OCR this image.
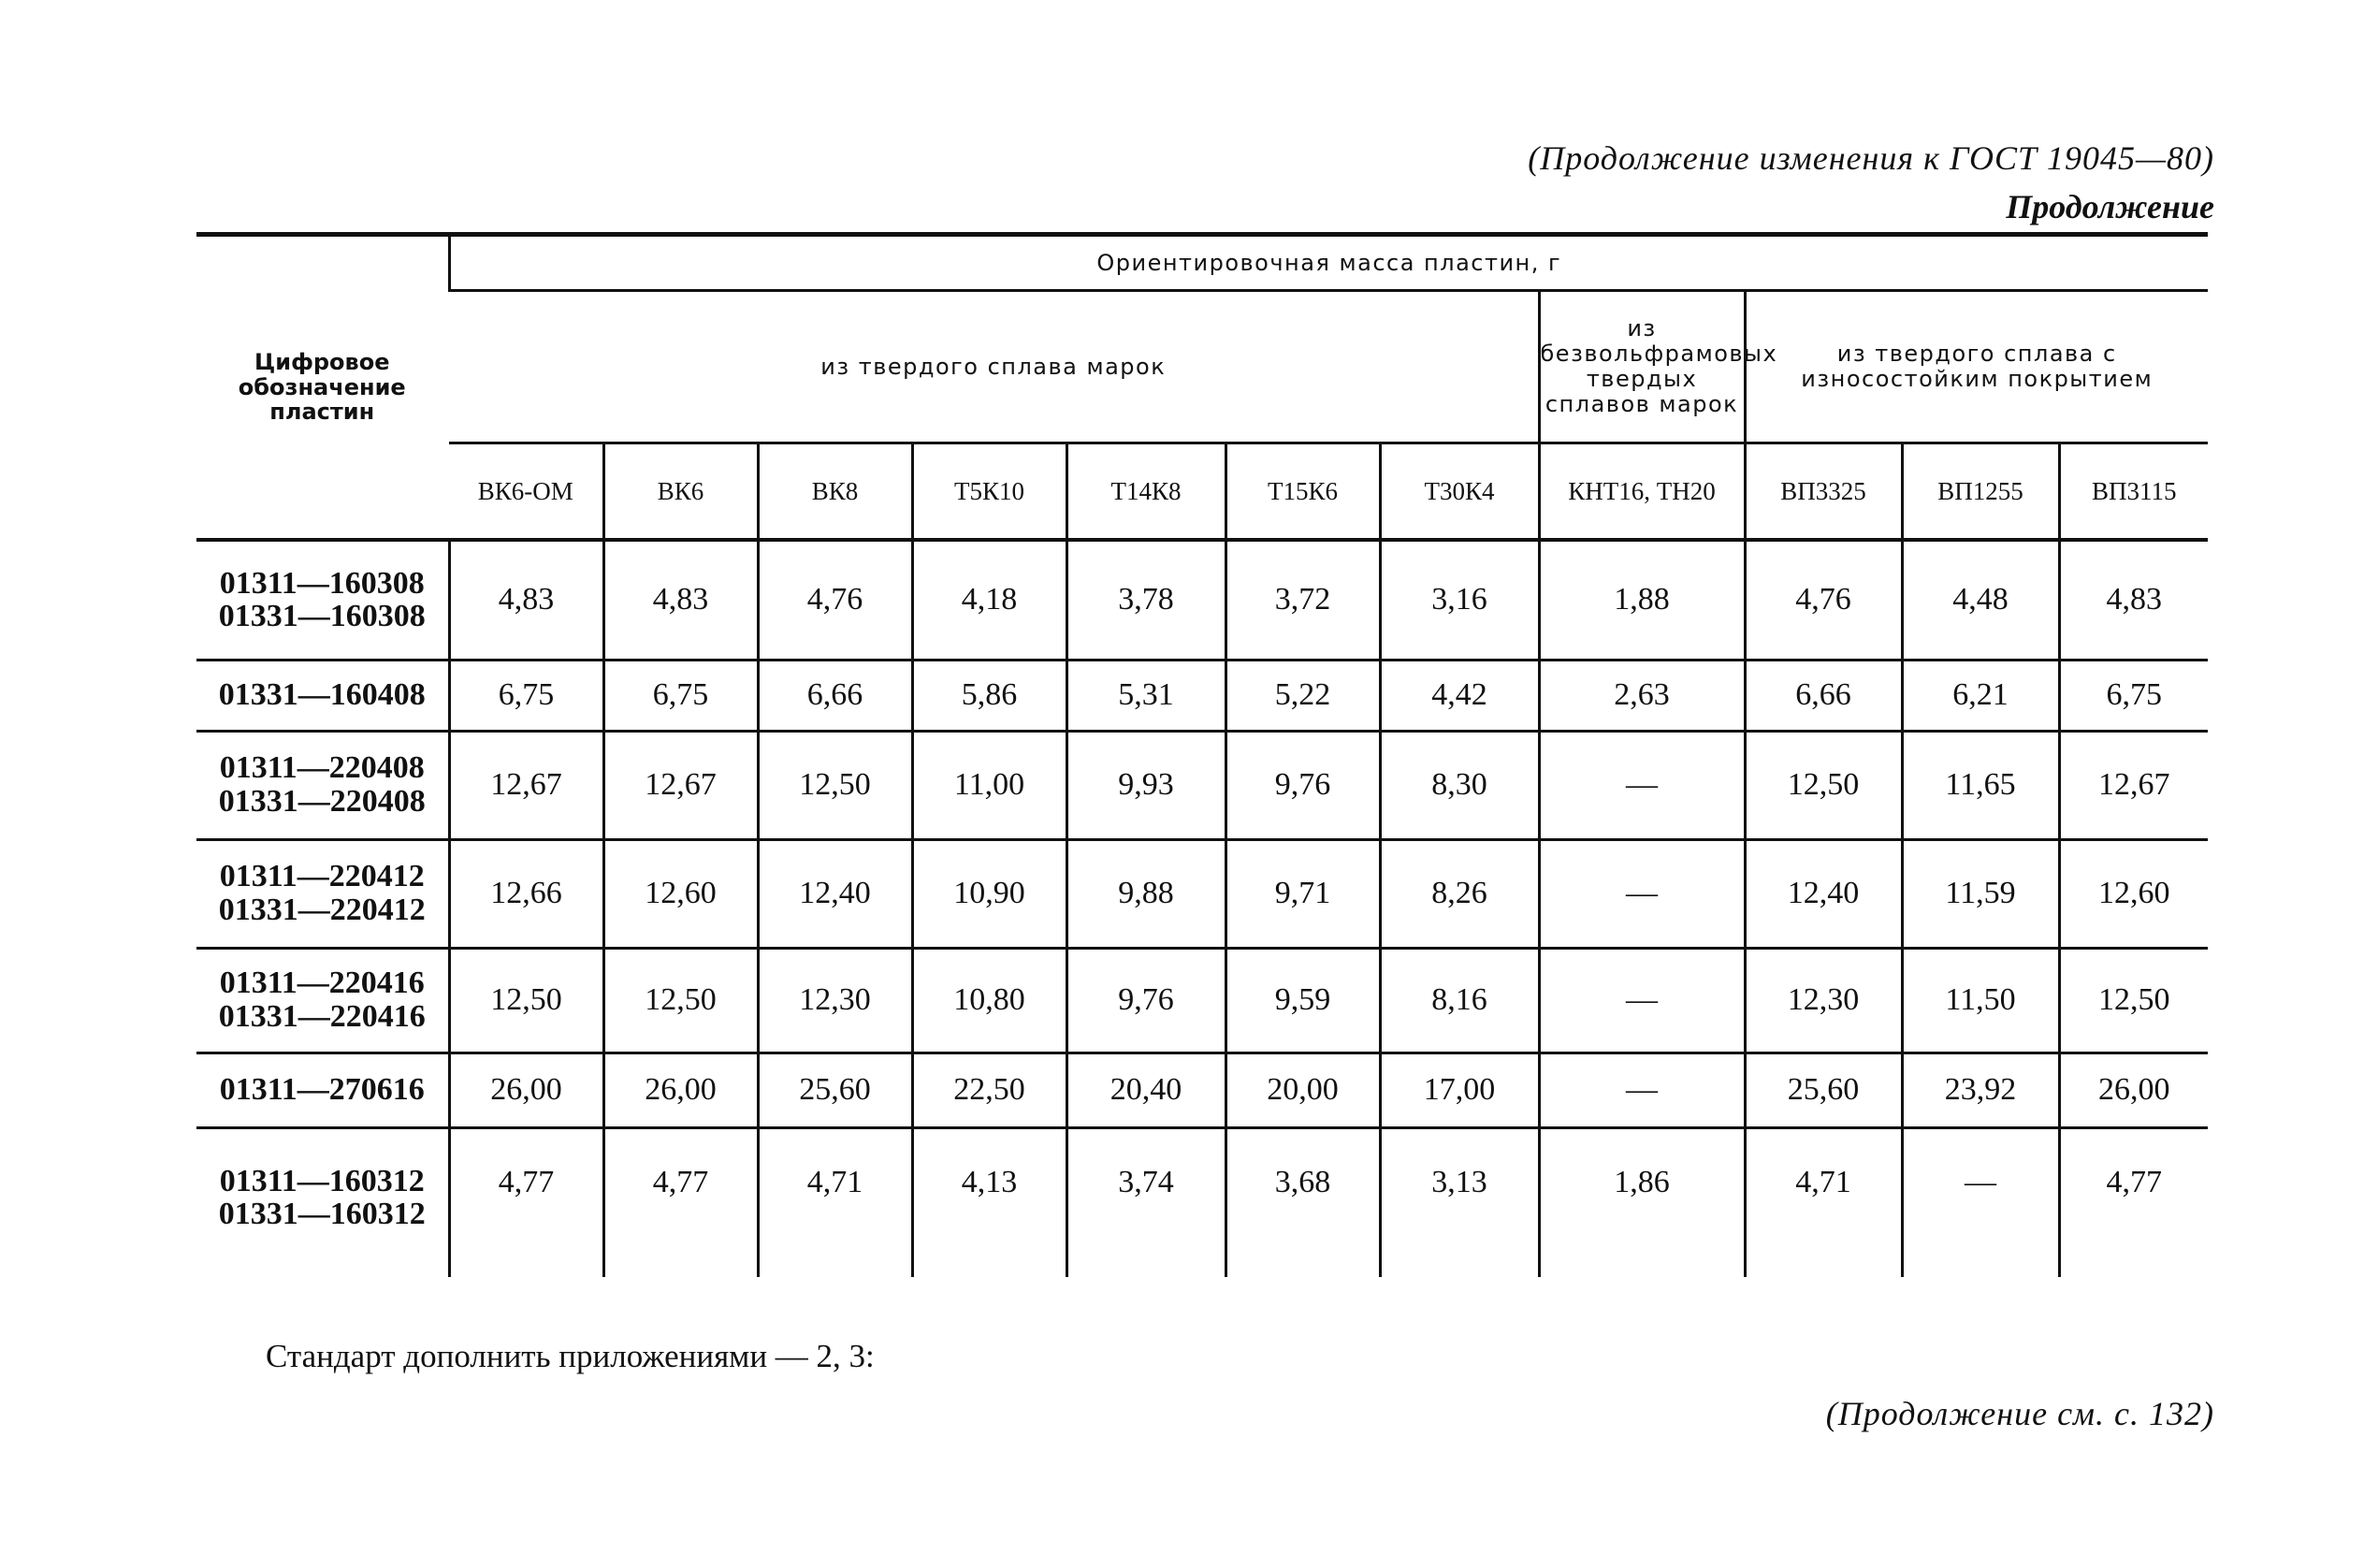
(Продолжение изменения к ГОСТ 19045—80)
Продолжение
Цифровое обозначение пластин	Ориентировочная масса пластин, г										
	из твердого сплава марок							из безвольфрамовых твердых сплавов марок	из твердого сплава с износостойким покрытием		
	ВК6-ОМ	ВК6	ВК8	Т5К10	Т14К8	Т15К6	Т30К4	КНТ16, ТН20	ВП3325	ВП1255	ВП3115

01311—160308
01331—160308	4,83	4,83	4,76	4,18	3,78	3,72	3,16	1,88	4,76	4,48	4,83

01331—160408	6,75	6,75	6,66	5,86	5,31	5,22	4,42	2,63	6,66	6,21	6,75

01311—220408
01331—220408	12,67	12,67	12,50	11,00	9,93	9,76	8,30	—	12,50	11,65	12,67

01311—220412
01331—220412	12,66	12,60	12,40	10,90	9,88	9,71	8,26	—	12,40	11,59	12,60

01311—220416
01331—220416	12,50	12,50	12,30	10,80	9,76	9,59	8,16	—	12,30	11,50	12,50

01311—270616	26,00	26,00	25,60	22,50	20,40	20,00	17,00	—	25,60	23,92	26,00

01311—160312
01331—160312	4,77	4,77	4,71	4,13	3,74	3,68	3,13	1,86	4,71	—	4,77
Стандарт дополнить приложениями — 2, 3:
(Продолжение см. с. 132)
